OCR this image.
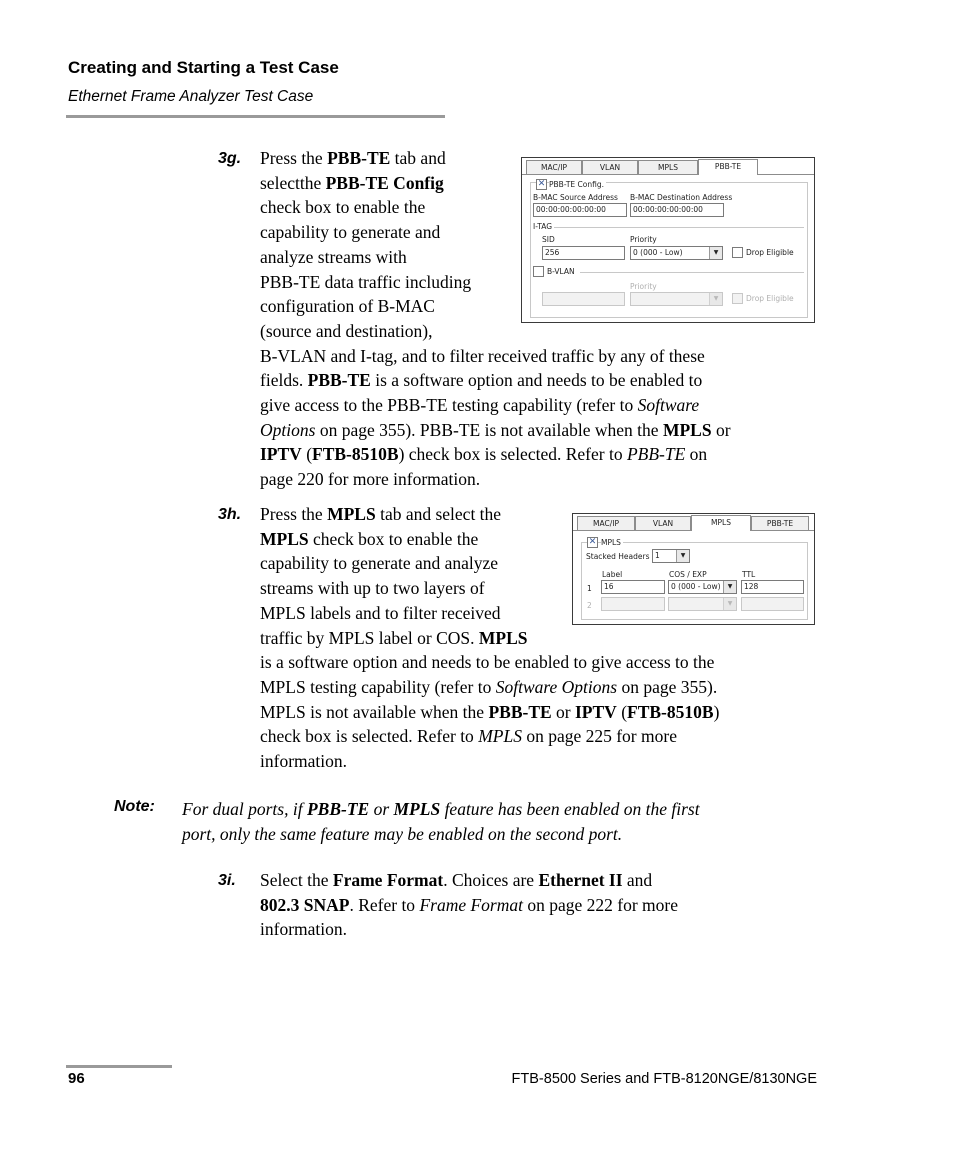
Creating and Starting a Test Case
Ethernet Frame Analyzer Test Case
3g. Press the PBB-TE tab and
selectthe PBB-TE Config
check box to enable the
capability to generate and
analyze streams with
PBB-TE data traffic including
configuration of B-MAC
(source and destination),
B-VLAN and I-tag, and to filter received traffic by any of these
fields. PBB-TE is a software option and needs to be enabled to
give access to the PBB-TE testing capability (refer to Software
Options on page 355). PBB-TE is not available when the MPLS or
IPTV (FTB-8510B) check box is selected. Refer to PBB-TE on
page 220 for more information.
MAC/IP	VLAN	MPLS	PBB-TE
✕ PBB-TE Config.
B-MAC Source Address
00:00:00:00:00:00
B-MAC Destination Address
00:00:00:00:00:00
I-TAG
SID
256
Priority
0 (000 - Low)	▼	Drop Eligible
B-VLAN
Priority
▼	Drop Eligible
3h. Press the MPLS tab and select the
MPLS check box to enable the
capability to generate and analyze
streams with up to two layers of
MPLS labels and to filter received
traffic by MPLS label or COS. MPLS
is a software option and needs to be enabled to give access to the
MPLS testing capability (refer to Software Options on page 355).
MPLS is not available when the PBB-TE or IPTV (FTB-8510B)
check box is selected. Refer to MPLS on page 225 for more
information.
MAC/IP	VLAN	MPLS	PBB-TE
✕ MPLS
Stacked Headers 1	▼
Label	COS / EXP	TTL
1	16	0 (000 - Low)	▼	128
2	▼
Note: For dual ports, if PBB-TE or MPLS feature has been enabled on the first
port, only the same feature may be enabled on the second port.
3i. Select the Frame Format. Choices are Ethernet II and
802.3 SNAP. Refer to Frame Format on page 222 for more
information.
96	FTB-8500 Series and FTB-8120NGE/8130NGE
